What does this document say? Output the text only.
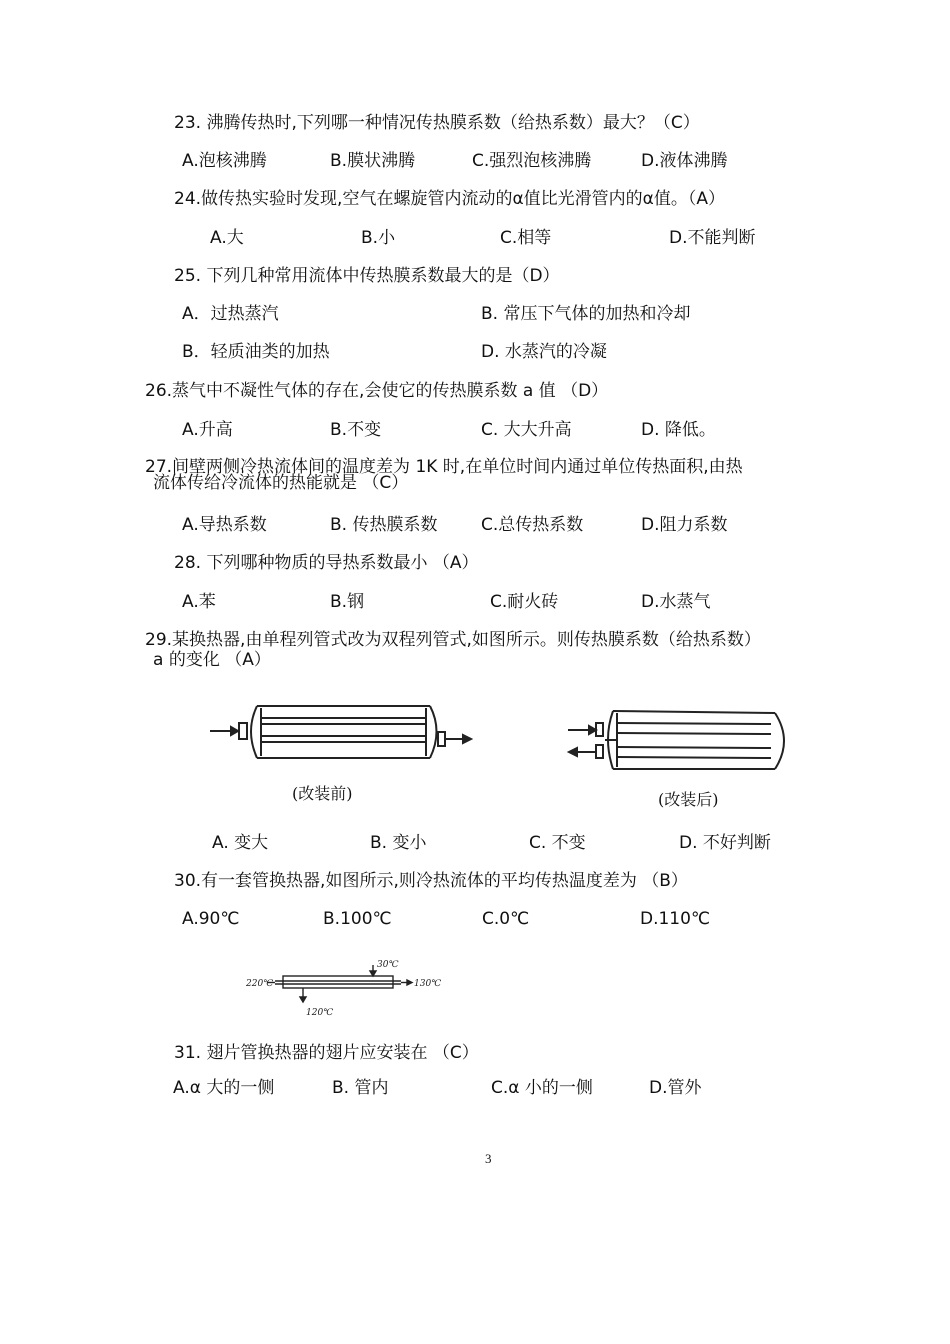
23. 沸腾传热时,下列哪一种情况传热膜系数（给热系数）最大？（C）
A.泡核沸腾	B.膜状沸腾	C.强烈泡核沸腾	D.液体沸腾
24.做传热实验时发现,空气在螺旋管内流动的α值比光滑管内的α值。（A）
A.大	B.小	C.相等	D.不能判断
25. 下列几种常用流体中传热膜系数最大的是（D）
A．过热蒸汽	B. 常压下气体的加热和冷却
B．轻质油类的加热	D. 水蒸汽的冷凝
26.蒸气中不凝性气体的存在,会使它的传热膜系数 a 值 （D）
A.升高	B.不变	C. 大大升高	D. 降低。
27.间壁两侧冷热流体间的温度差为 1K 时,在单位时间内通过单位传热面积,由热
流体传给冷流体的热能就是 （C）
A.导热系数	B. 传热膜系数	C.总传热系数	D.阻力系数
28. 下列哪种物质的导热系数最小 （A）
A.苯	B.钢	C.耐火砖	D.水蒸气
29.某换热器,由单程列管式改为双程列管式,如图所示。则传热膜系数（给热系数）
a 的变化 （A）
(改装前)	(改装后)
A. 变大	B. 变小	C. 不变	D. 不好判断
30.有一套管换热器,如图所示,则冷热流体的平均传热温度差为 （B）
A.90℃	B.100℃	C.0℃	D.110℃
220℃	130℃
30℃
120℃
31. 翅片管换热器的翅片应安装在 （C）
A.α 大的一侧	B. 管内	C.α 小的一侧	D.管外
3
